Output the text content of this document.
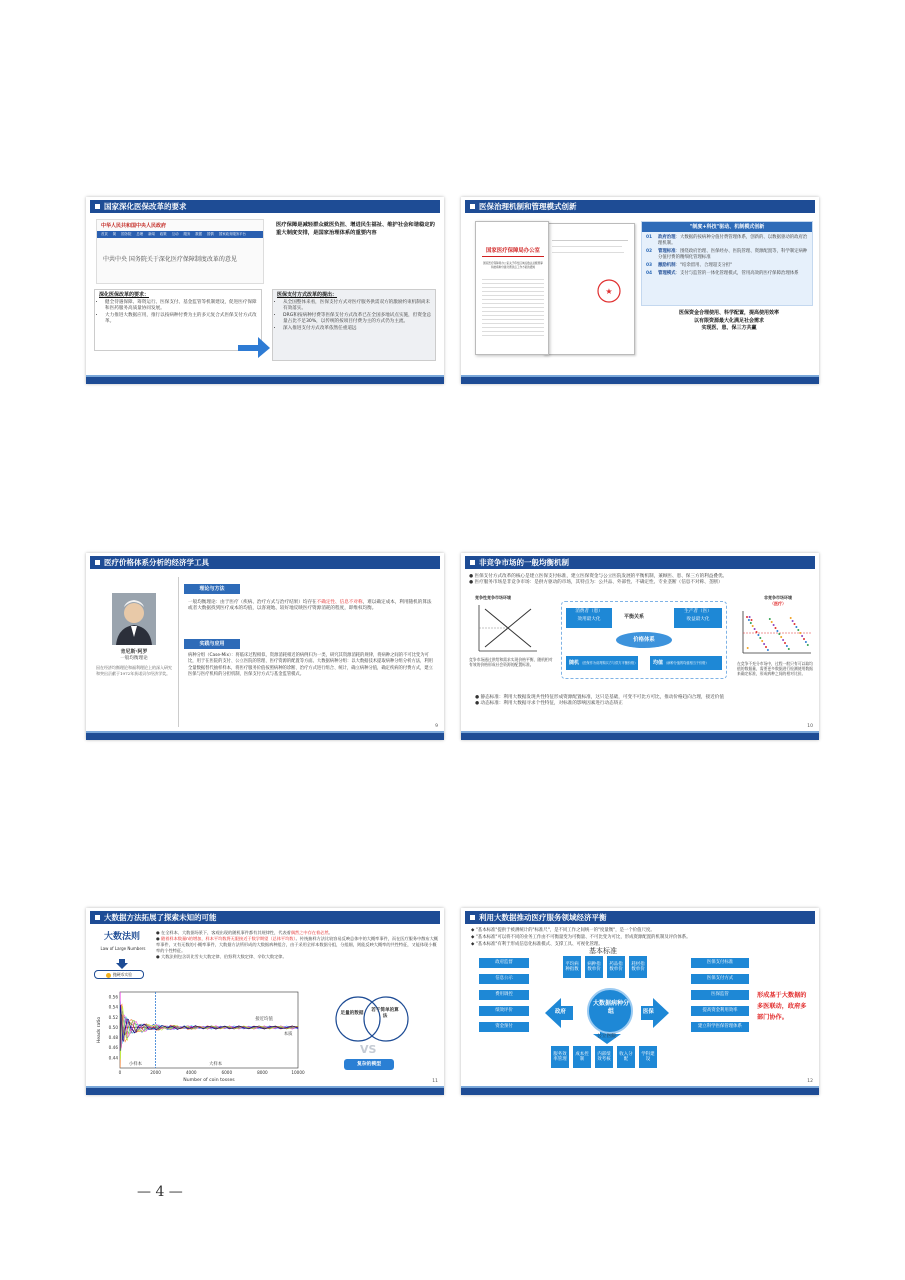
国家深化医保改革的要求
中华人民共和国中央人民政府
首页 简 国务院 总理 新闻 政策 互动 服务 数据 国情 国家政务服务平台
中共中央 国务院关于深化医疗保障制度改革的意见
医疗保障是减轻群众就医负担、增进民生福祉、维护社会和谐稳定的重大制度安排，是国家治理体系的重要内容
深化医保改革的要求：
• 健全待遇保障、筹资运行、医保支付、基金监管等机制建设，促进医疗保障和医药服务高质量协同发展。
• 大力推进大数据应用，推行以按病种付费为主的多元复合式医保支付方式改革。
医保支付方式改革的提出：
• 从全国整体来看，医保支付方式对医疗服务供需双方的激励约束机制尚未有效落实。
• DRG和按病种付费等医保支付方式改革已在全国多地试点实施，但资金总量占比不足30%，以传统的按项目付费为主的方式仍为主流。
• 深入推进支付方式改革依然任重道远
医保治理机制和管理模式创新
★
国家医疗保障局办公室
国家医疗保障局办公室关于印发区域点数法总额预算和按病种分值付费试点工作方案的通知
"制度+科技"驱动、机制模式创新
01	政府治理：大数据的按病种分值付费管理体系，创新的、以数据驱动的政府治理机制。
02	管理标准：围绕政府治理、医保经办、医院管理、资源配置等，科学制定病种分值付费的精细化管理标准
03	激励机制："结余留用、合理超支分担"
04	管理模式：支付与监管的一体化管理模式，管用高效的医疗保障治理体系
医保资金合理使用、科学配置，提高使用效率
以有限资源最大化满足社会需求
实现医、患、保三方共赢
医疗价格体系分析的经济学工具
肯尼斯·阿罗
一般均衡理论
因在经济均衡理论和福利理论上的深入研究和突出贡献于1972年获诺贝尔经济学奖。
理论与方法
一般均衡理论：由于医疗（疾病、治疗方式与治疗结果）均存在不确定性、信息不对称，难以确定成本，利用随机的算法或者大数据找到医疗成本的均值，以客观地、较好地反映医疗资源消耗的程度，即维权均衡。
实践与应用
病种分组（Case-Mix）：将临床过程相似、资源消耗相近的病例归为一类，研究其资源消耗的规律，将病种之间的不可比变为可比，用于在医院的支付、公立医院的管理、医疗资源的配置等方面。大数据病种分组：以大数据技术提取病种分组分析方法，利用全量数据替代抽样样本，将医疗服务价值按照病种的诊断、治疗方式进行组合、统计，确立病种分值，确定疾病的付费方式，建立医保与医疗机构的分担机制，医保支付方式与基金监管模式。
9
非竞争市场的一般均衡机制
● 医保支付方式改革的核心是建立医保支付标准，建立医保资金与公立医院发展的平衡机制，兼顾医、患、保三方的利益叠优。
● 医疗服务市场是非竞争市场：是供方驱动的市场，其特点为：公共品、外部性、不确定性、专业垄断（信息不对称、垄断）
竞争性竞争市场环境
竞争市场通过供给和需求实现价格平衡，随机相对有效的价格形成社会资源的配置标准。
消费者（患）
效用最大化	平衡关系
生产者（医）
收益最大化
价格体系
随机 （医保作为谈判购买方与供方平衡价格）	均值 （病种分值的均值相当于价格）
非竞争市场环境
（医疗）
在竞争不充分市场中，过程一般只有可以取均值的数据量，需要更多数据进行检测使用数据来确定标准，形成病种之间的相对比价。
● 静态标准：利用大数据发现共性特征形成资源配置标准，这只是基础，可变不可比方可比，推动价格趋向合理，接近价值
● 动态标准：利用大数据寻求个性特征，对标准的影响因素进行动态矫正
10
大数据方法拓展了探索未知的可能
大数法则
Law of Large Numbers
抛硬币实验
● 在全样本、大数据场景下，客观出现的随机事件都有其规律性，代表着偶然之中存在着必然。
● 随着样本数量n的增加，样本平均数将无限接近于数学期望（总体平均数）。传统抽样方法比较容易反映总体中的大概率事件，而在医疗服务中散布大概率事件，又有无数的小概率事件，大数据方法所形成的大数据病种组合，由于采用全样本数据分组，分组细，则能反映大概率的共性特征，又能体现小概率的个性特征。
● 大数法则包含切比雪夫大数定律、伯努利大数定律、辛钦大数定律。
0.44
0.46
0.48
0.50
0.52
0.54
0.56
0	2000	4000	6000	8000	10000
Number of coin tosses
Heads ratio
小样本	大样本
接近均值
本质
足量的数据
若干简单的算法
VS
复杂的模型
11
利用大数据推动医疗服务领域经济平衡
◆ "基本标准"提供于被测统计的"标准尺"，是不同工作之间统一的"度量衡"，是一个价值尺度。
◆ "基本标准"可以将不同的业务工作由不可衡量变为可衡量、不可比变为可比，形成资源配置的机制及评价体系。
◆ "基本标准"有利于形成信息化标准模式、支撑工具、可视化管理。
基本标准
平均病种指数
病种指数单价
药品指数单价
耗材指数单价
政府监督
信息公示
费用调控
绩效评价
资金预付
医保支付标准
医保支付方式
医保监管
提高资金利用效率
建立科学医保管理体系
服务效率管理
成本控制
内部绩效考核
收入分配
学科建设
政府	医保
大数据病种分组
公立医院
形成基于大数据的多医联动，政府多部门协作。
12
— 4 —
